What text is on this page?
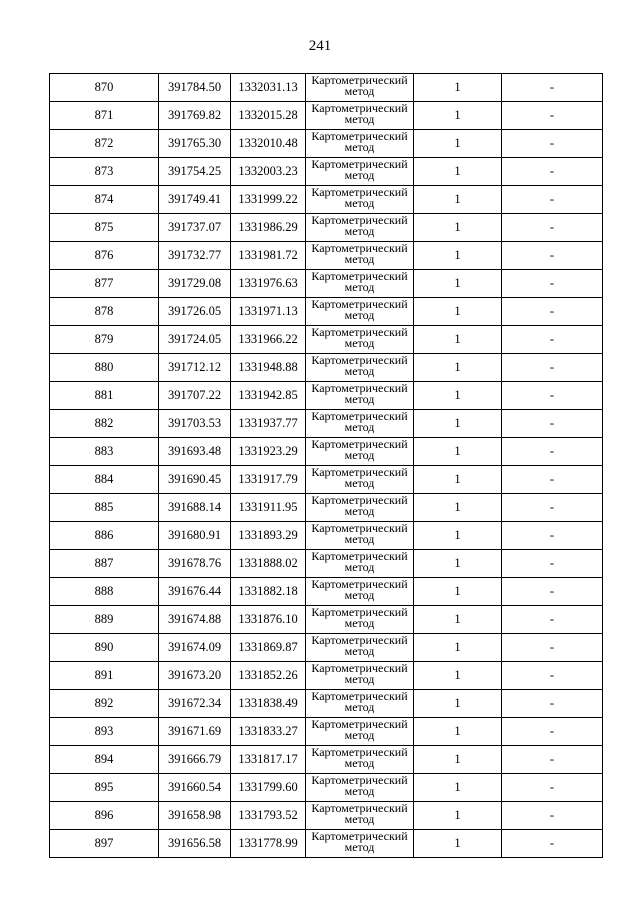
241
870	391784.50	1332031.13	Картометрический
метод	1	-
871	391769.82	1332015.28	Картометрический
метод	1	-
872	391765.30	1332010.48	Картометрический
метод	1	-
873	391754.25	1332003.23	Картометрический
метод	1	-
874	391749.41	1331999.22	Картометрический
метод	1	-
875	391737.07	1331986.29	Картометрический
метод	1	-
876	391732.77	1331981.72	Картометрический
метод	1	-
877	391729.08	1331976.63	Картометрический
метод	1	-
878	391726.05	1331971.13	Картометрический
метод	1	-
879	391724.05	1331966.22	Картометрический
метод	1	-
880	391712.12	1331948.88	Картометрический
метод	1	-
881	391707.22	1331942.85	Картометрический
метод	1	-
882	391703.53	1331937.77	Картометрический
метод	1	-
883	391693.48	1331923.29	Картометрический
метод	1	-
884	391690.45	1331917.79	Картометрический
метод	1	-
885	391688.14	1331911.95	Картометрический
метод	1	-
886	391680.91	1331893.29	Картометрический
метод	1	-
887	391678.76	1331888.02	Картометрический
метод	1	-
888	391676.44	1331882.18	Картометрический
метод	1	-
889	391674.88	1331876.10	Картометрический
метод	1	-
890	391674.09	1331869.87	Картометрический
метод	1	-
891	391673.20	1331852.26	Картометрический
метод	1	-
892	391672.34	1331838.49	Картометрический
метод	1	-
893	391671.69	1331833.27	Картометрический
метод	1	-
894	391666.79	1331817.17	Картометрический
метод	1	-
895	391660.54	1331799.60	Картометрический
метод	1	-
896	391658.98	1331793.52	Картометрический
метод	1	-
897	391656.58	1331778.99	Картометрический
метод	1	-
